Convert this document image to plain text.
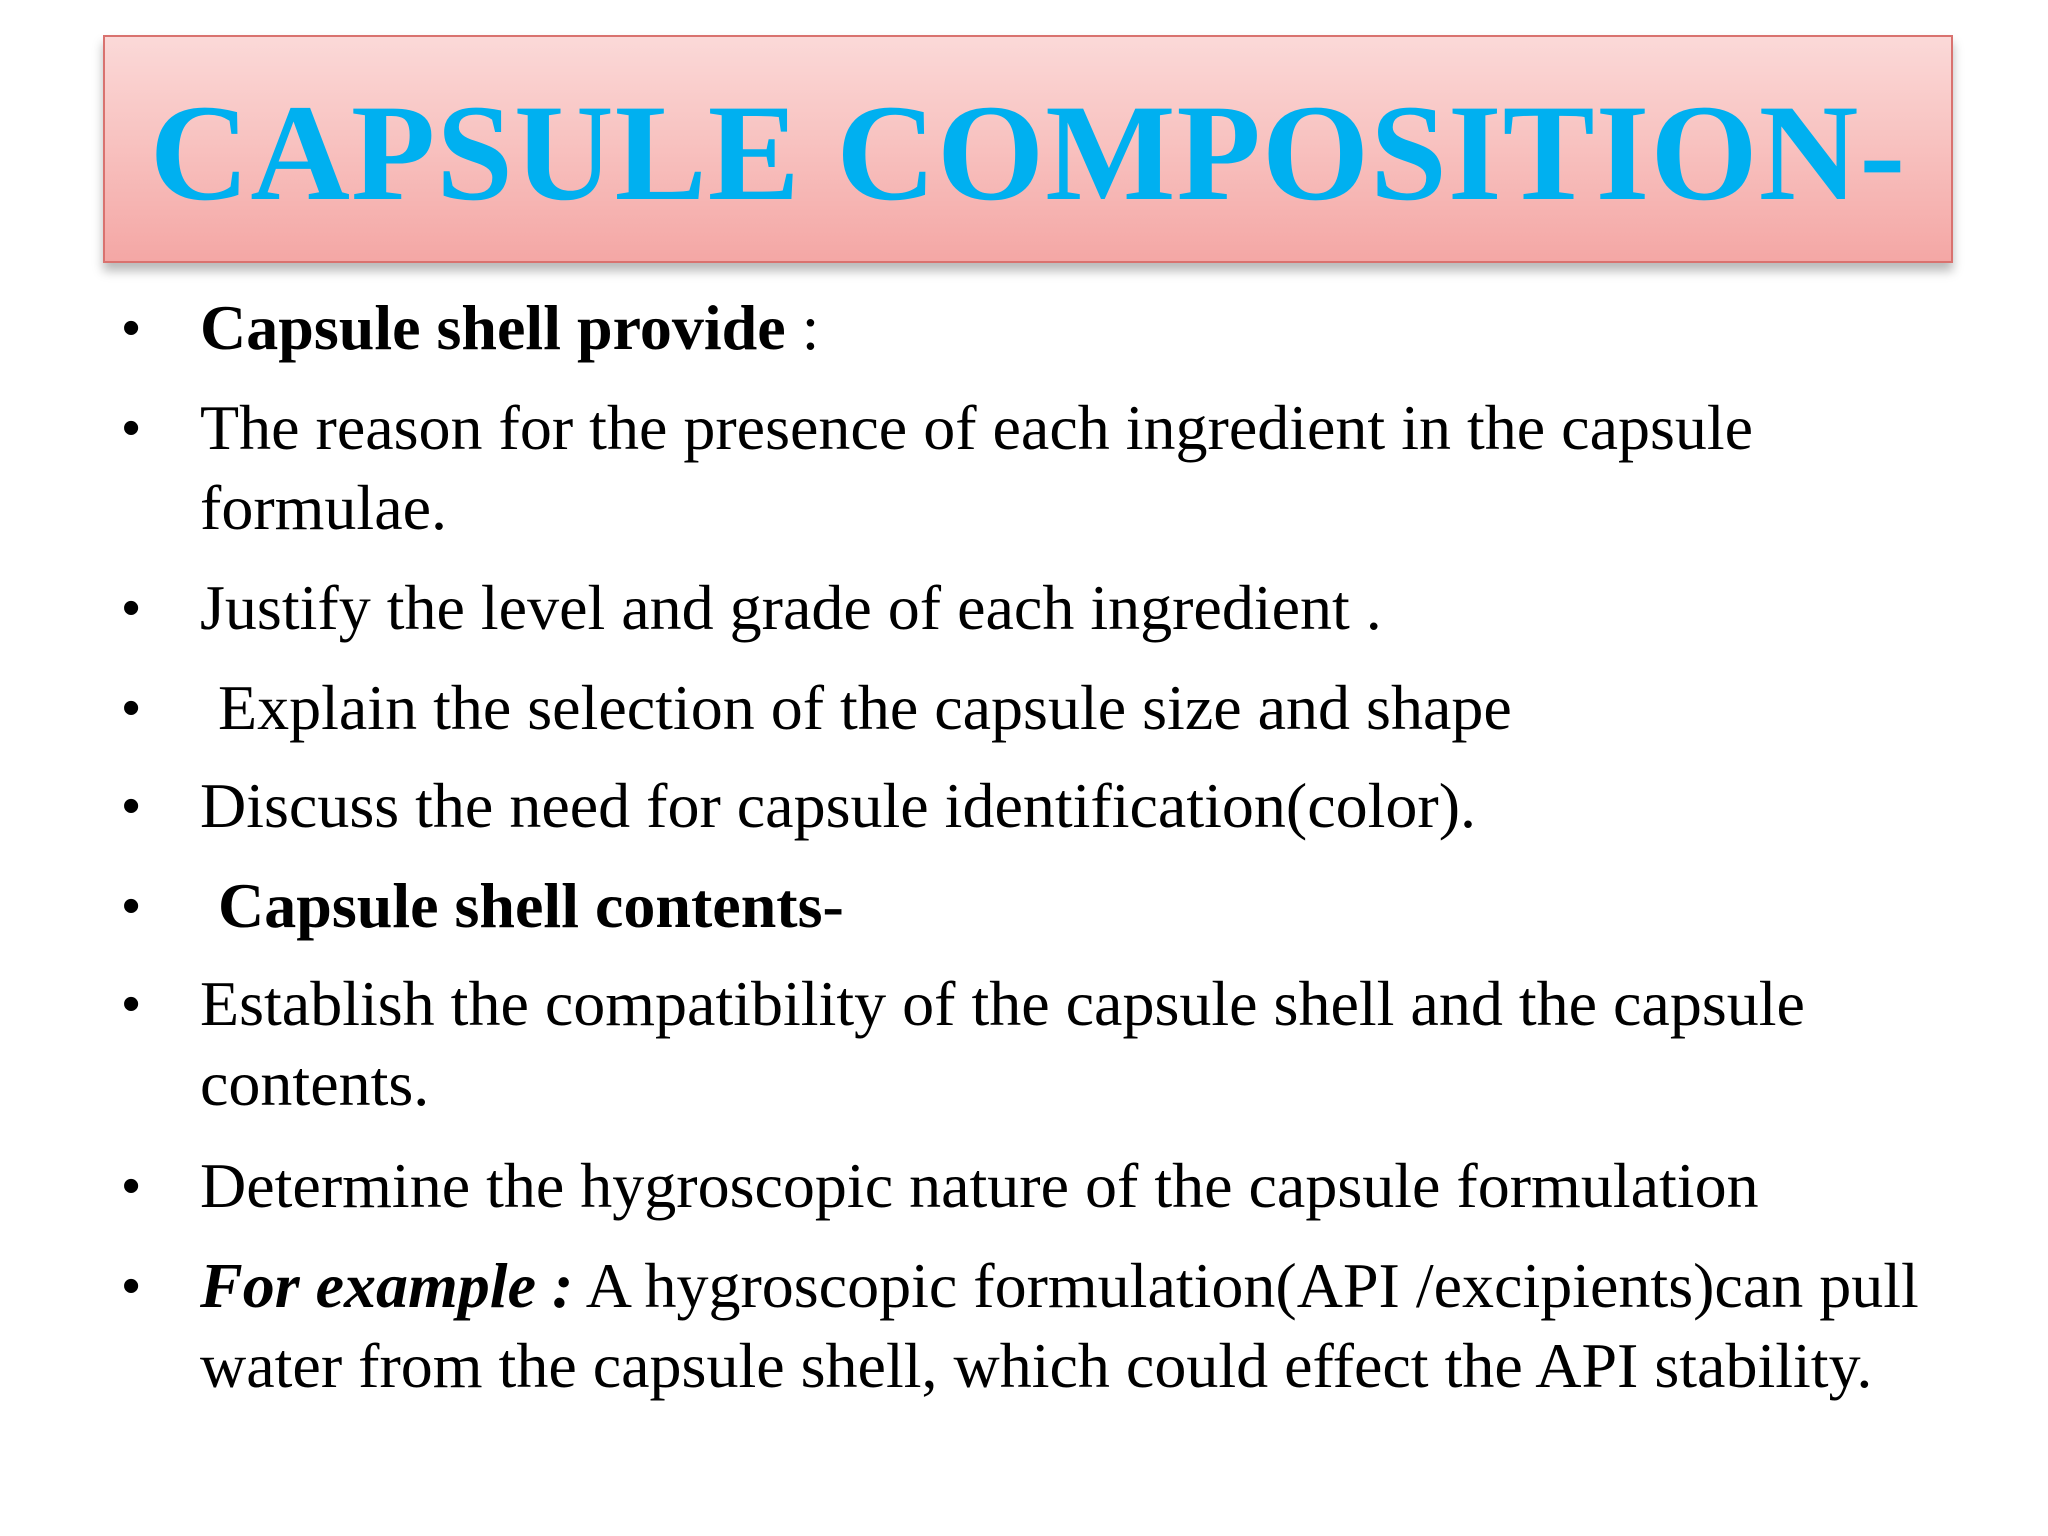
CAPSULE COMPOSITION-
• Capsule shell provide :
• The reason for the presence of each ingredient in the capsule formulae.
• Justify the level and grade of each ingredient .
• Explain the selection of the capsule size and shape
• Discuss the need for capsule identification(color).
• Capsule shell contents-
• Establish the compatibility of the capsule shell and the capsule contents.
• Determine the hygroscopic nature of the capsule formulation
• For example : A hygroscopic formulation(API /excipients)can pull water from the capsule shell, which could effect the API stability.
